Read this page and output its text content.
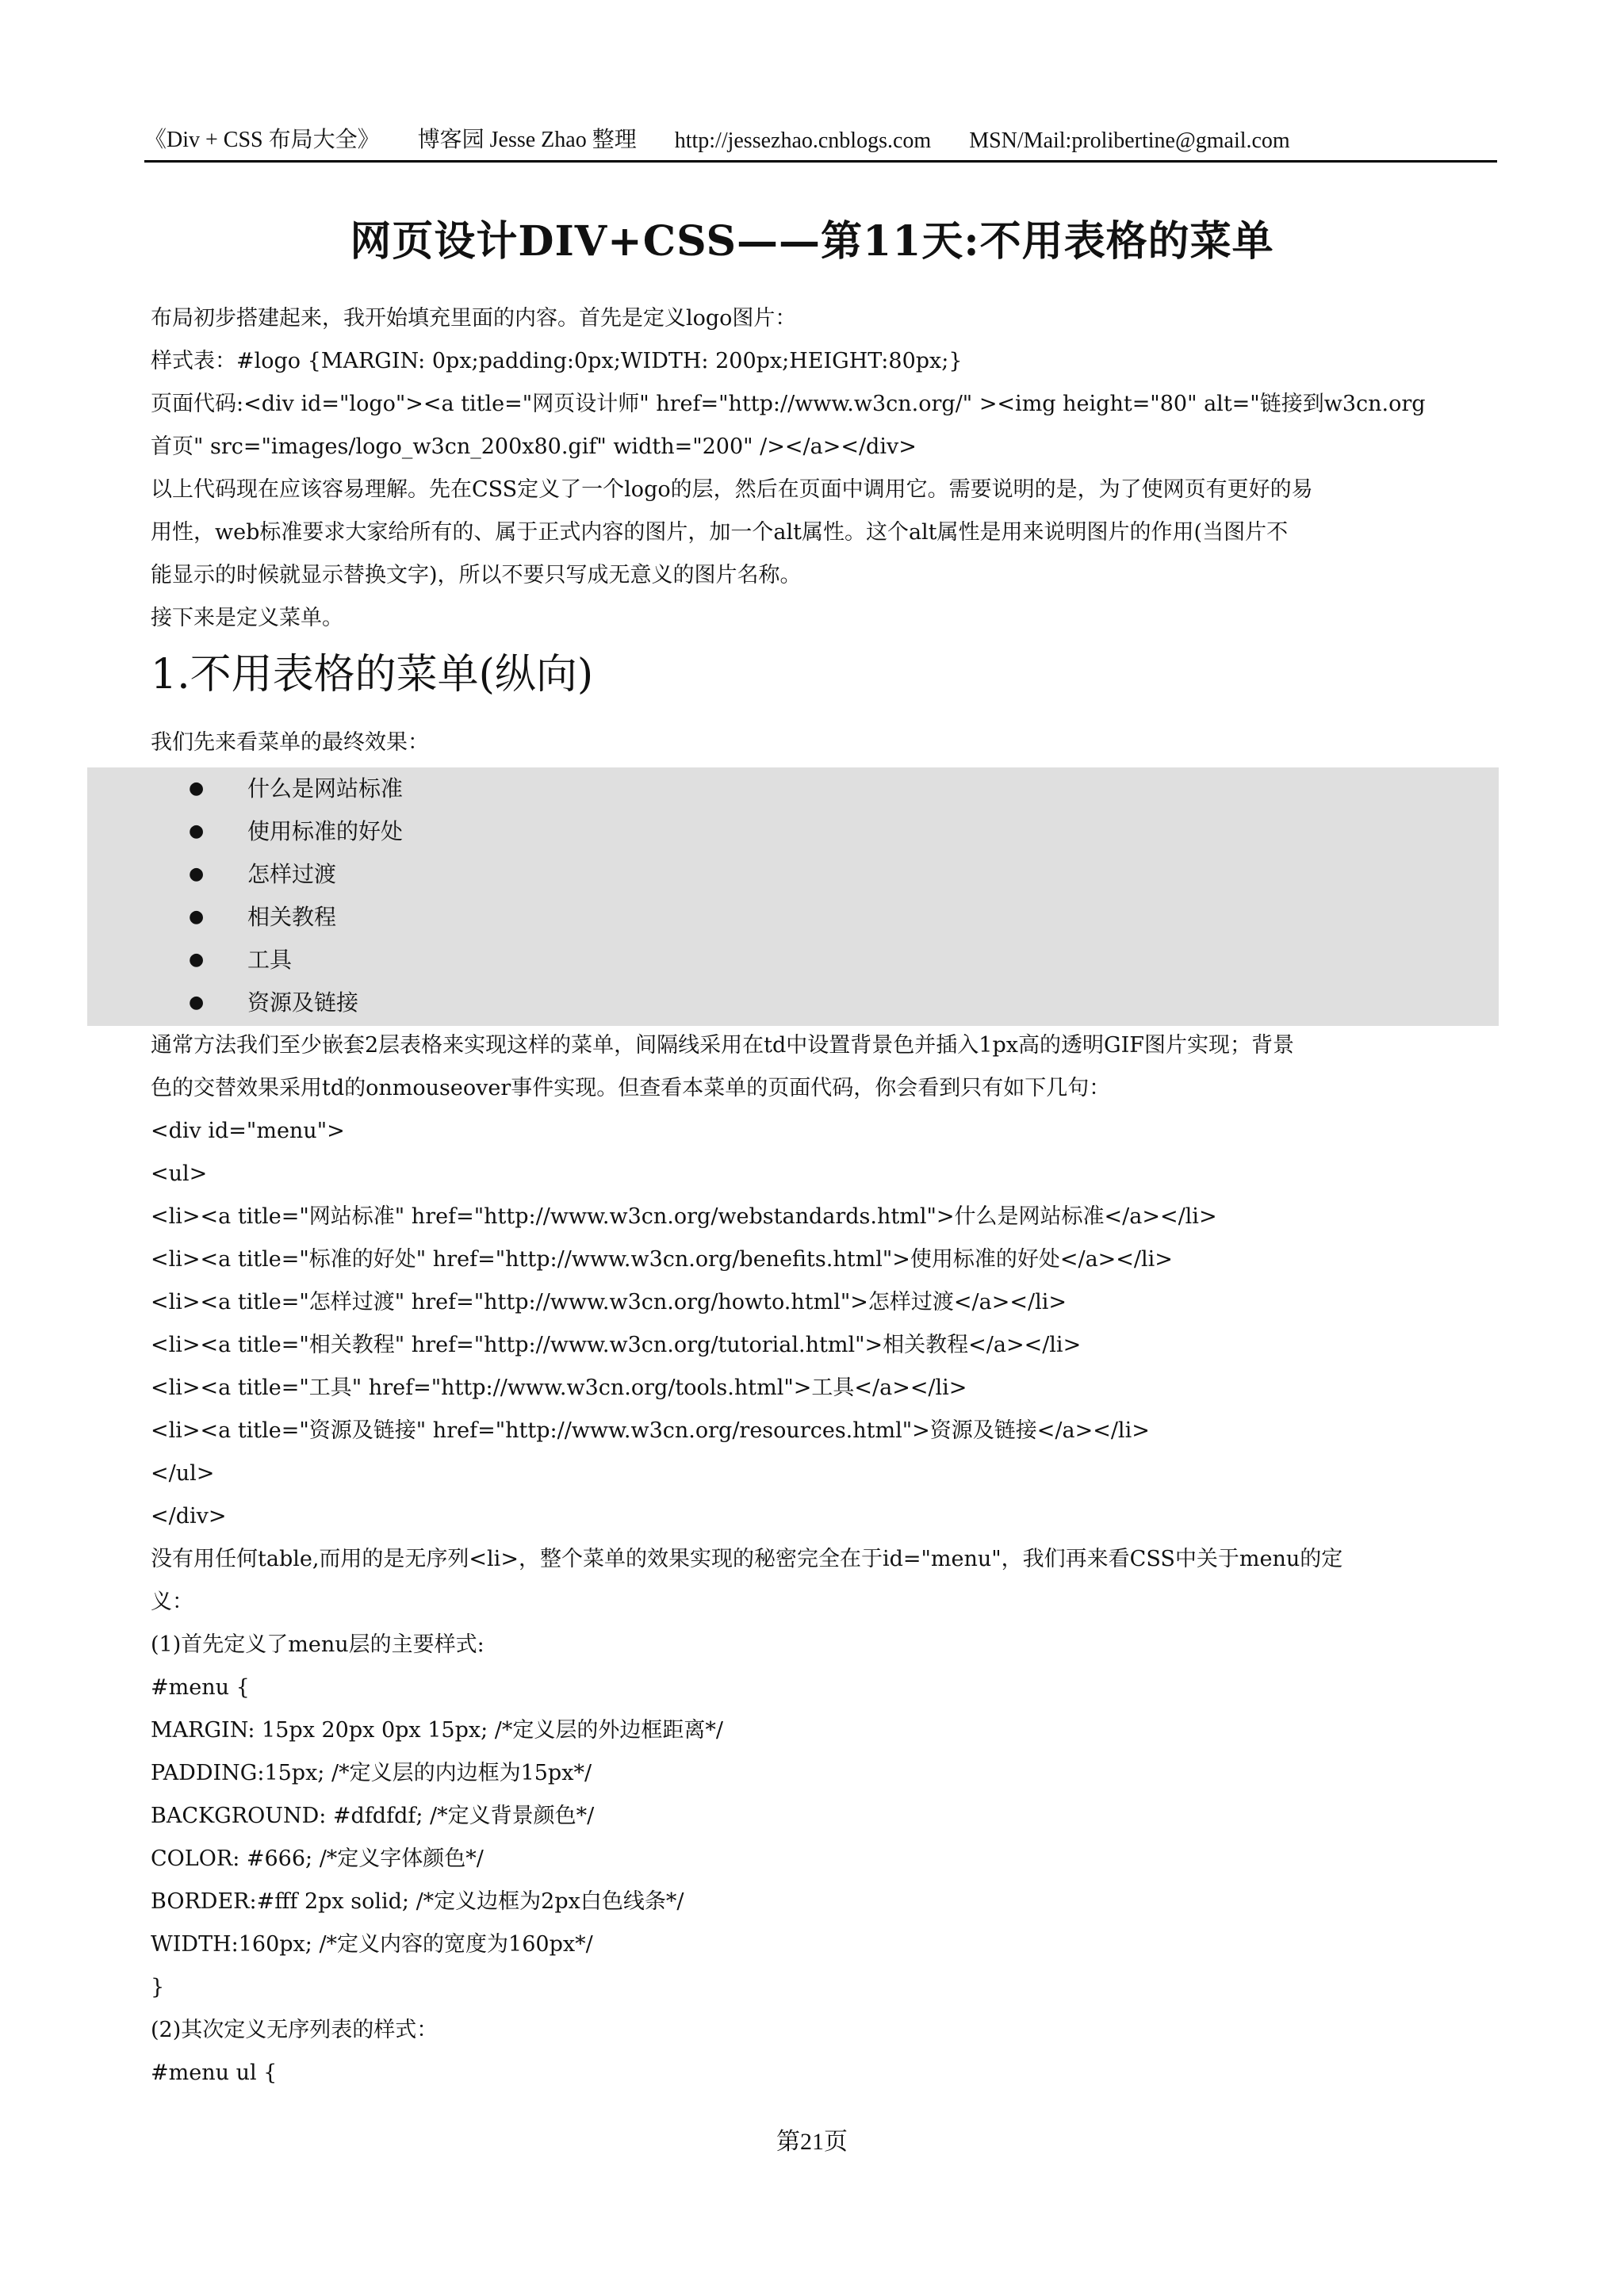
《Div + CSS 布局大全》 博客园 Jesse Zhao 整理 http://jessezhao.cnblogs.com MSN/Mail:prolibertine@gmail.com
网页设计DIV+CSS——第11天:不用表格的菜单

布局初步搭建起来，我开始填充里面的内容。首先是定义logo图片：

样式表：#logo {MARGIN: 0px;padding:0px;WIDTH: 200px;HEIGHT:80px;}

页面代码:<div id="logo"><a title="网页设计师" href="http://www.w3cn.org/" ><img height="80" alt="链接到w3cn.org

首页" src="images/logo_w3cn_200x80.gif" width="200" /></a></div>

以上代码现在应该容易理解。先在CSS定义了一个logo的层，然后在页面中调用它。需要说明的是，为了使网页有更好的易

用性，web标准要求大家给所有的、属于正式内容的图片，加一个alt属性。这个alt属性是用来说明图片的作用(当图片不

能显示的时候就显示替换文字)，所以不要只写成无意义的图片名称。

接下来是定义菜单。

1.不用表格的菜单(纵向)
我们先来看菜单的最终效果：
● 什么是网站标准
● 使用标准的好处
● 怎样过渡
● 相关教程
● 工具
● 资源及链接

通常方法我们至少嵌套2层表格来实现这样的菜单，间隔线采用在td中设置背景色并插入1px高的透明GIF图片实现；背景

色的交替效果采用td的onmouseover事件实现。但查看本菜单的页面代码，你会看到只有如下几句：

<div id="menu">

<ul>

<li><a title="网站标准" href="http://www.w3cn.org/webstandards.html">什么是网站标准</a></li>

<li><a title="标准的好处" href="http://www.w3cn.org/benefits.html">使用标准的好处</a></li>

<li><a title="怎样过渡" href="http://www.w3cn.org/howto.html">怎样过渡</a></li>

<li><a title="相关教程" href="http://www.w3cn.org/tutorial.html">相关教程</a></li>

<li><a title="工具" href="http://www.w3cn.org/tools.html">工具</a></li>

<li><a title="资源及链接" href="http://www.w3cn.org/resources.html">资源及链接</a></li>

</ul>

</div>

没有用任何table,而用的是无序列<li>，整个菜单的效果实现的秘密完全在于id="menu"，我们再来看CSS中关于menu的定

义：

(1)首先定义了menu层的主要样式:

#menu {

MARGIN: 15px 20px 0px 15px; /*定义层的外边框距离*/

PADDING:15px; /*定义层的内边框为15px*/

BACKGROUND: #dfdfdf; /*定义背景颜色*/

COLOR: #666; /*定义字体颜色*/

BORDER:#fff 2px solid; /*定义边框为2px白色线条*/

WIDTH:160px; /*定义内容的宽度为160px*/

}

(2)其次定义无序列表的样式：

#menu ul {

第21页
